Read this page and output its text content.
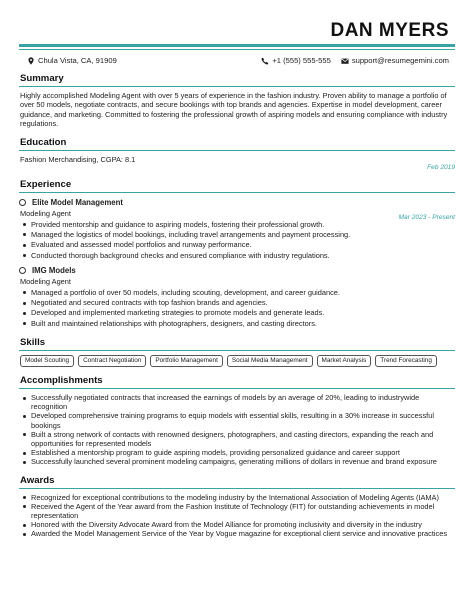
DAN MYERS
Chula Vista, CA, 91909	+1 (555) 555-555	support@resumegemini.com
Summary

Highly accomplished Modeling Agent with over 5 years of experience in the fashion industry. Proven ability to manage a portfolio of over 50 models, negotiate contracts, and secure bookings with top brands and agencies. Expertise in model development, career guidance, and marketing. Committed to fostering the professional growth of aspiring models and ensuring compliance with industry regulations.

Education
Fashion Merchandising, CGPA: 8.1
Feb 2019
Experience
Elite Model Management
Modeling Agent	Mar 2023 - Present
Provided mentorship and guidance to aspiring models, fostering their professional growth.
Managed the logistics of model bookings, including travel arrangements and payment processing.
Evaluated and assessed model portfolios and runway performance.
Conducted thorough background checks and ensured compliance with industry regulations.
IMG Models
Modeling Agent
Managed a portfolio of over 50 models, including scouting, development, and career guidance.
Negotiated and secured contracts with top fashion brands and agencies.
Developed and implemented marketing strategies to promote models and generate leads.
Built and maintained relationships with photographers, designers, and casting directors.
Skills
Model Scouting	Contract Negotiation	Portfolio Management	Social Media Management	Market Analysis	Trend Forecasting
Accomplishments
Successfully negotiated contracts that increased the earnings of models by an average of 20%, leading to industrywide recognition
Developed comprehensive training programs to equip models with essential skills, resulting in a 30% increase in successful bookings
Built a strong network of contacts with renowned designers, photographers, and casting directors, expanding the reach and opportunities for represented models
Established a mentorship program to guide aspiring models, providing personalized guidance and career support
Successfully launched several prominent modeling campaigns, generating millions of dollars in revenue and brand exposure
Awards
Recognized for exceptional contributions to the modeling industry by the International Association of Modeling Agents (IAMA)
Received the Agent of the Year award from the Fashion Institute of Technology (FIT) for outstanding achievements in model representation
Honored with the Diversity Advocate Award from the Model Alliance for promoting inclusivity and diversity in the industry
Awarded the Model Management Service of the Year by Vogue magazine for exceptional client service and innovative practices
